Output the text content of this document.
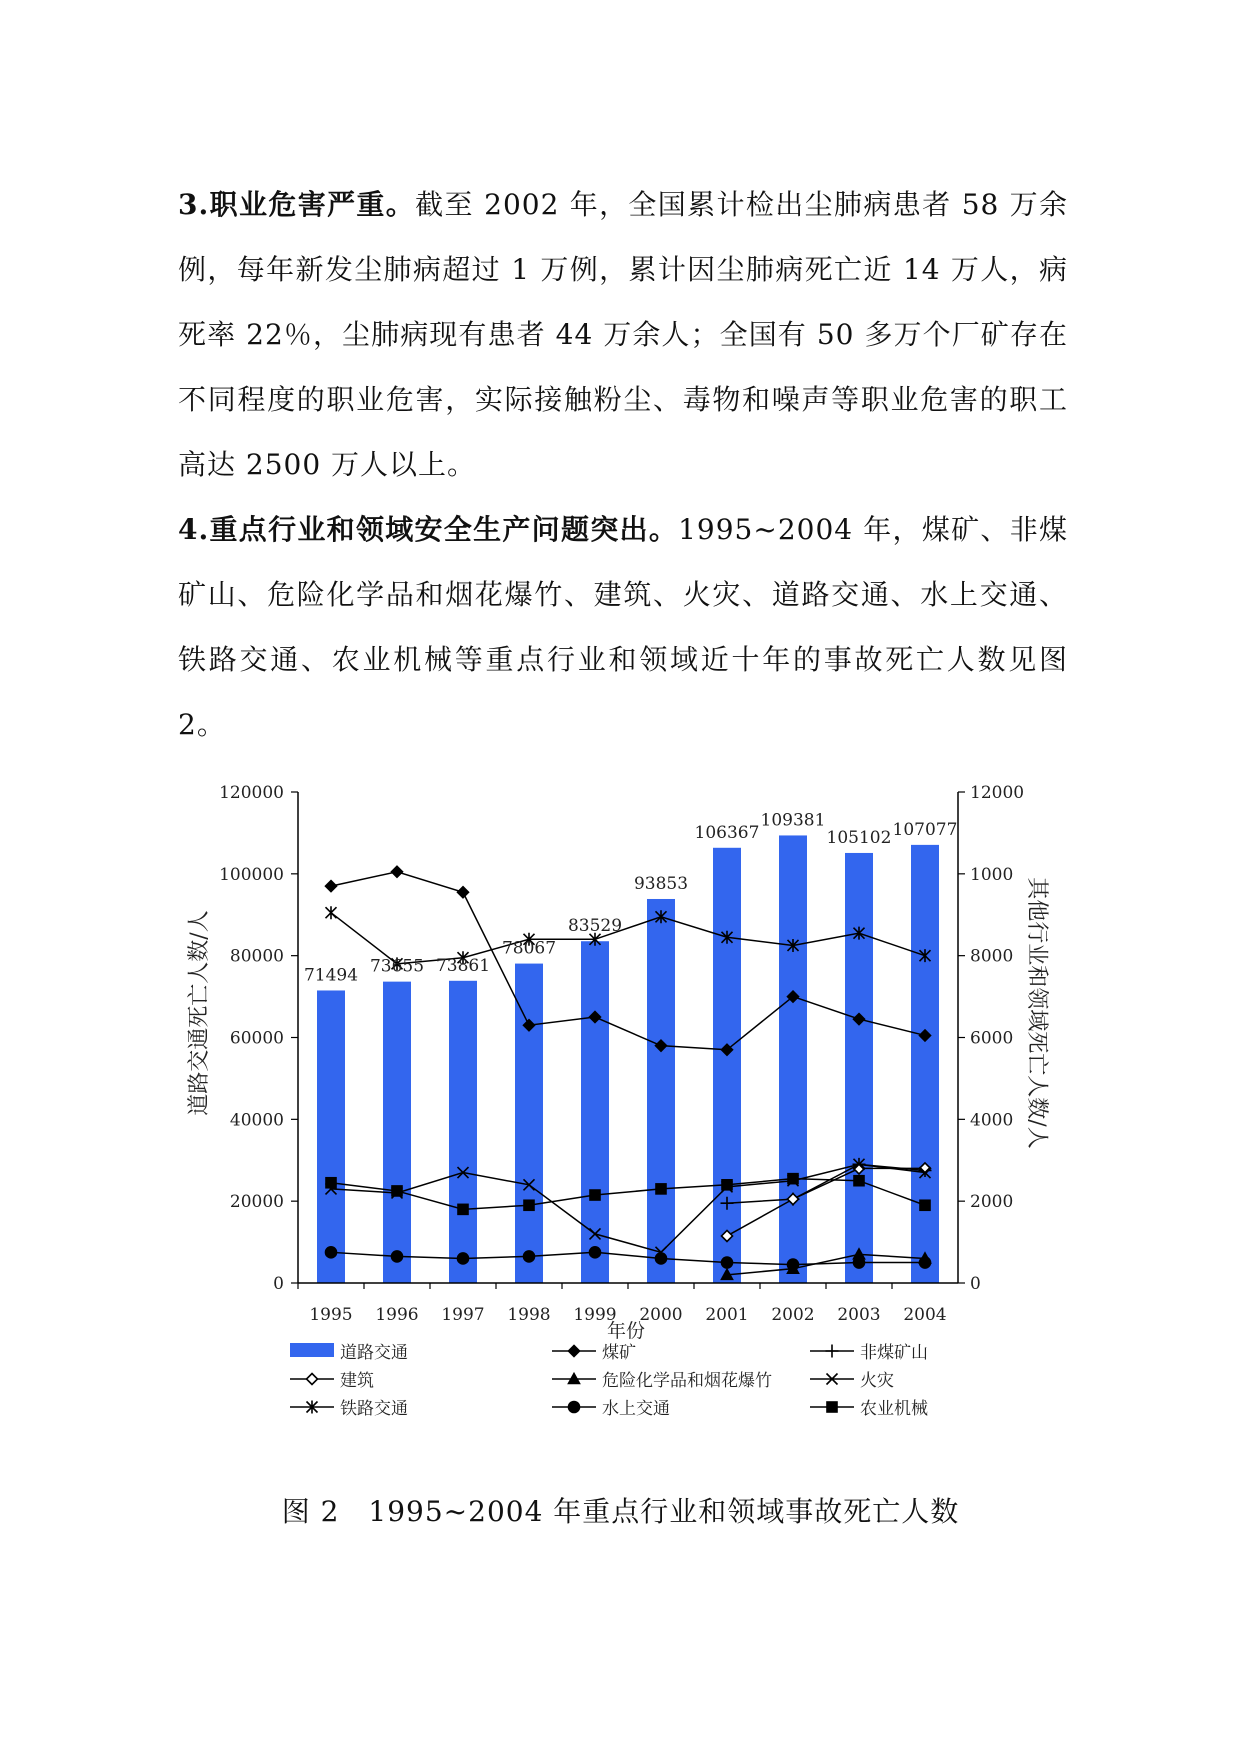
3.职业危害严重。截至 2002 年，全国累计检出尘肺病患者 58 万余例，每年新发尘肺病超过 1 万例，累计因尘肺病死亡近 14 万人，病死率 22％，尘肺病现有患者 44 万余人；全国有 50 多万个厂矿存在不同程度的职业危害，实际接触粉尘、毒物和噪声等职业危害的职工高达 2500 万人以上。

4.重点行业和领域安全生产问题突出。1995~2004 年，煤矿、非煤矿山、危险化学品和烟花爆竹、建筑、火灾、道路交通、水上交通、铁路交通、农业机械等重点行业和领域近十年的事故死亡人数见图 2。

0	0
20000	2000
40000	4000
60000	6000
80000	8000
100000	1000
120000	12000
1995 1996 1997 1998 1999 2000 2001 2002 2003 2004
71494 73655 73861
78067
83529
93853
106367
109381
105102 107077
年份
道路交通死亡人数/人	其他行业和领域死亡人数/人
道路交通	煤矿	非煤矿山
建筑	危险化学品和烟花爆竹	火灾
铁路交通	水上交通	农业机械
图 2　1995~2004 年重点行业和领域事故死亡人数
